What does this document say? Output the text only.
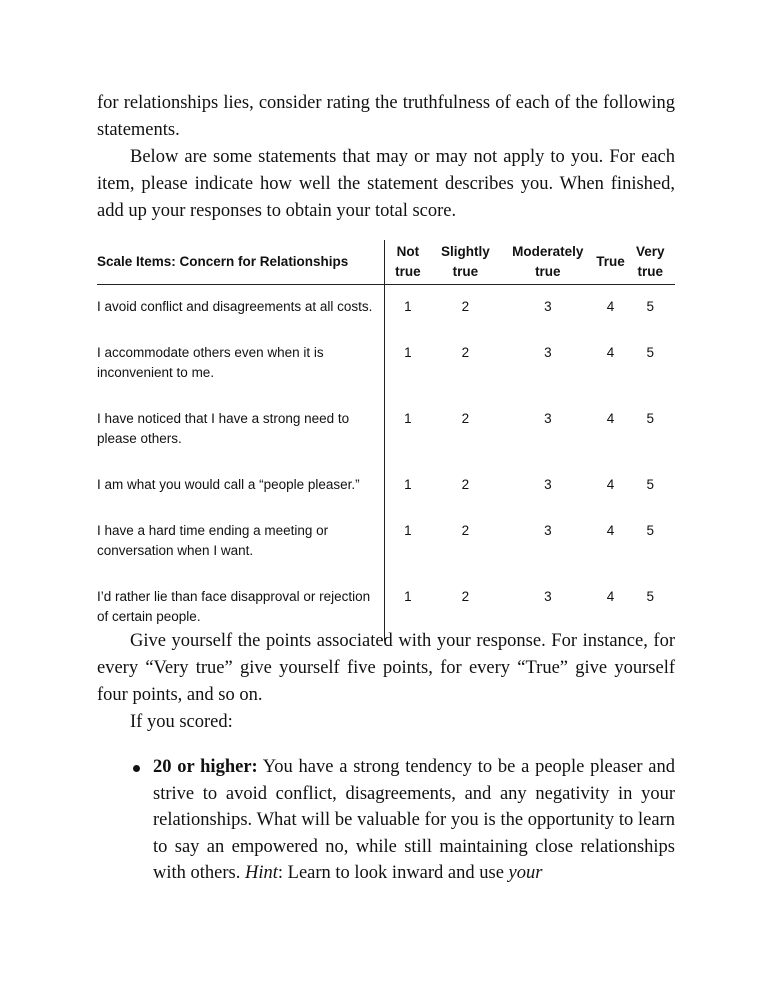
for relationships lies, consider rating the truthfulness of each of the following statements.

Below are some statements that may or may not apply to you. For each item, please indicate how well the statement describes you. When finished, add up your responses to obtain your total score.

Scale Items: Concern for Relationships	Not true	Slightly true	Moderately true	True	Very true
I avoid conflict and disagreements at all costs.	1	2	3	4	5
I accommodate others even when it is inconvenient to me.	1	2	3	4	5
I have noticed that I have a strong need to please others.	1	2	3	4	5
I am what you would call a “people pleaser.”	1	2	3	4	5
I have a hard time ending a meeting or conversation when I want.	1	2	3	4	5
I’d rather lie than face disapproval or rejection of certain people.	1	2	3	4	5

Give yourself the points associated with your response. For instance, for every “Very true” give yourself five points, for every “True” give yourself four points, and so on.

If you scored:

20 or higher: You have a strong tendency to be a people pleaser and strive to avoid conflict, disagreements, and any negativity in your relationships. What will be valuable for you is the opportunity to learn to say an empowered no, while still maintaining close relationships with others. Hint: Learn to look inward and use your
